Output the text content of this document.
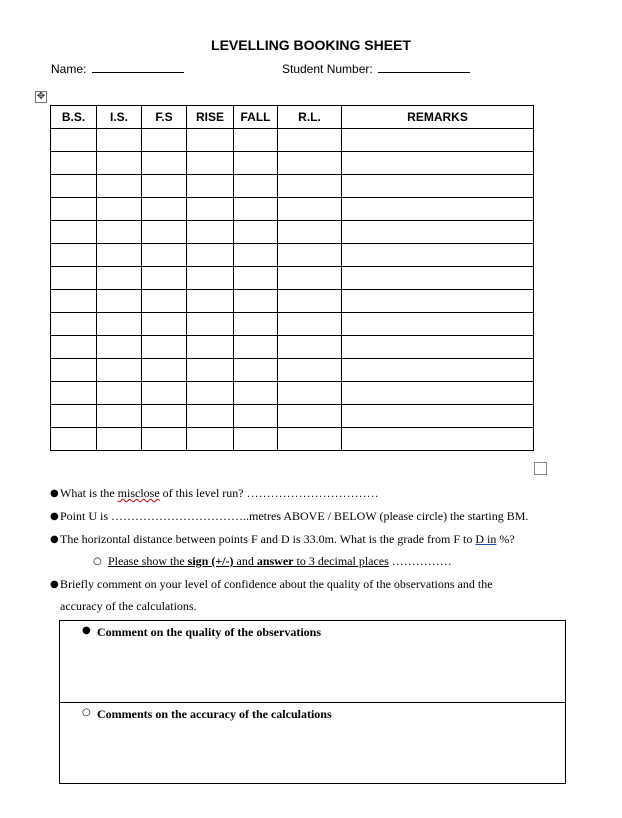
LEVELLING BOOKING SHEET
Name:	Student Number:
✥
B.S.	I.S.	F.S	RISE	FALL	R.L.	REMARKS

● What is the misclose of this level run? ……………………………
● Point U is ……………………………..metres ABOVE / BELOW (please circle) the starting BM.
● The horizontal distance between points F and D is 33.0m. What is the grade from F to D in %?
○ Please show the sign (+/-) and answer to 3 decimal places ……………
● Briefly comment on your level of confidence about the quality of the observations and the
accuracy of the calculations.
● Comment on the quality of the observations
○ Comments on the accuracy of the calculations
